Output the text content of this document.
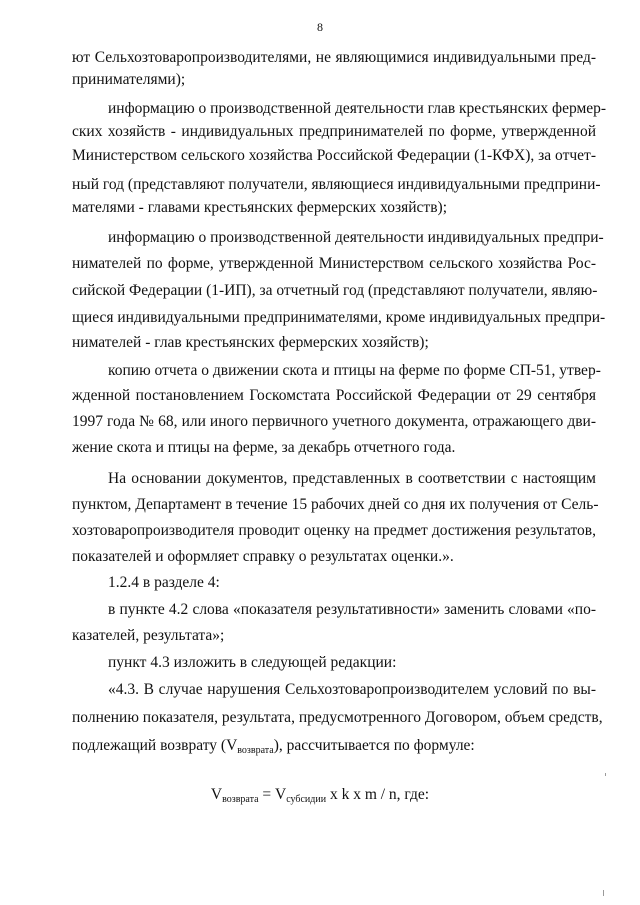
8
ют Сельхозтоваропроизводителями, не являющимися индивидуальными пред-
принимателями);
информацию о производственной деятельности глав крестьянских фермер-
ских хозяйств - индивидуальных предпринимателей по форме, утвержденной
Министерством сельского хозяйства Российской Федерации (1-КФХ), за отчет-
ный год (представляют получатели, являющиеся индивидуальными предприни-
мателями - главами крестьянских фермерских хозяйств);
информацию о производственной деятельности индивидуальных предпри-
нимателей по форме, утвержденной Министерством сельского хозяйства Рос-
сийской Федерации (1-ИП), за отчетный год (представляют получатели, являю-
щиеся индивидуальными предпринимателями, кроме индивидуальных предпри-
нимателей - глав крестьянских фермерских хозяйств);
копию отчета о движении скота и птицы на ферме по форме СП-51, утвер-
жденной постановлением Госкомстата Российской Федерации от 29 сентября
1997 года № 68, или иного первичного учетного документа, отражающего дви-
жение скота и птицы на ферме, за декабрь отчетного года.
На основании документов, представленных в соответствии с настоящим
пунктом, Департамент в течение 15 рабочих дней со дня их получения от Сель-
хозтоваропроизводителя проводит оценку на предмет достижения результатов,
показателей и оформляет справку о результатах оценки.».
1.2.4 в разделе 4:
в пункте 4.2 слова «показателя результативности» заменить словами «по-
казателей, результата»;
пункт 4.3 изложить в следующей редакции:
«4.3. В случае нарушения Сельхозтоваропроизводителем условий по вы-
полнению показателя, результата, предусмотренного Договором, объем средств,
подлежащий возврату $(V_{возврата})$, рассчитывается по формуле:
$V_{возврата} = V_{субсидии}$ x k x m / n, где:
